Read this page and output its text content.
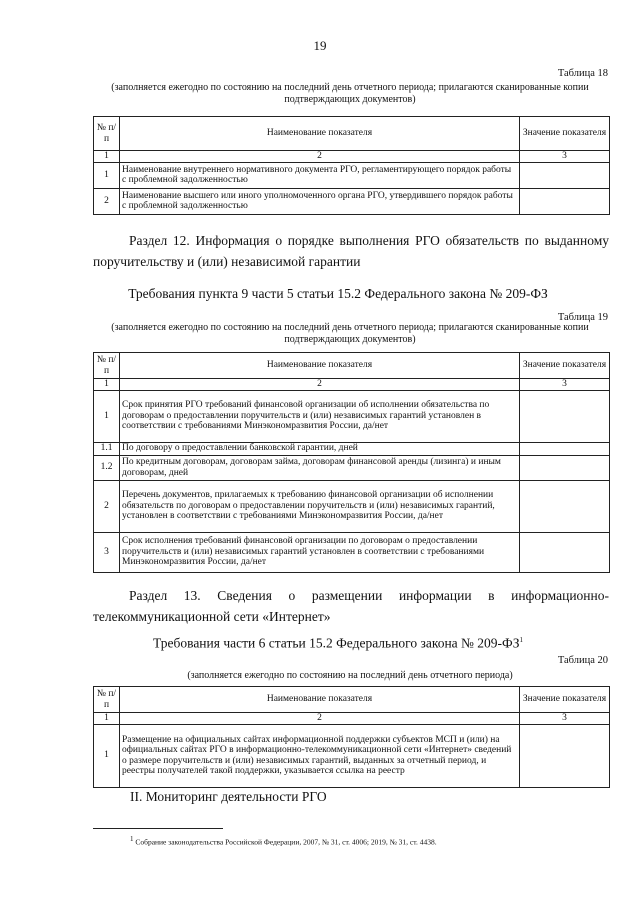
19
Таблица 18
(заполняется ежегодно по состоянию на последний день отчетного периода; прилагаются сканированные копии подтверждающих документов)
№ п/п	Наименование показателя	Значение показателя
1	2	3
1	Наименование внутреннего нормативного документа РГО, регламентирующего порядок работы с проблемной задолженностью	
2	Наименование высшего или иного уполномоченного органа РГО, утвердившего порядок работы с проблемной задолженностью	
Раздел 12. Информация о порядке выполнения РГО обязательств по выданному поручительству и (или) независимой гарантии
Требования пункта 9 части 5 статьи 15.2 Федерального закона № 209-ФЗ
Таблица 19
(заполняется ежегодно по состоянию на последний день отчетного периода; прилагаются сканированные копии подтверждающих документов)
№ п/п	Наименование показателя	Значение показателя
1	2	3
1	Срок принятия РГО требований финансовой организации об исполнении обязательства по договорам о предоставлении поручительств и (или) независимых гарантий установлен в соответствии с требованиями Минэкономразвития России, да/нет	
1.1	По договору о предоставлении банковской гарантии, дней	
1.2	По кредитным договорам, договорам займа, договорам финансовой аренды (лизинга) и иным договорам, дней	
2	Перечень документов, прилагаемых к требованию финансовой организации об исполнении обязательств по договорам о предоставлении поручительств и (или) независимых гарантий, установлен в соответствии с требованиями Минэкономразвития России, да/нет	
3	Срок исполнения требований финансовой организации по договорам о предоставлении поручительств и (или) независимых гарантий установлен в соответствии с требованиями Минэкономразвития России, да/нет	
Раздел 13. Сведения о размещении информации в информационно-телекоммуникационной сети «Интернет»
Требования части 6 статьи 15.2 Федерального закона № $209-ФЗ^1$
Таблица 20
(заполняется ежегодно по состоянию на последний день отчетного периода)
№ п/п	Наименование показателя	Значение показателя
1	2	3
1	Размещение на официальных сайтах информационной поддержки субъектов МСП и (или) на официальных сайтах РГО в информационно-телекоммуникационной сети «Интернет» сведений о размере поручительств и (или) независимых гарантий, выданных за отчетный период, и реестры получателей такой поддержки, указывается ссылка на реестр	
II. Мониторинг деятельности РГО
$^1$ Собрание законодательства Российской Федерации, 2007, № 31, ст. 4006; 2019, № 31, ст. 4438.
